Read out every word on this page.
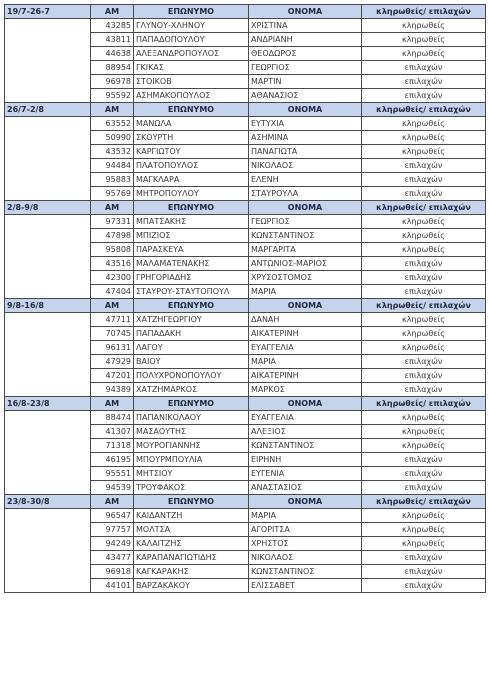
19/7-26-7	ΑΜ	ΕΠΩΝΥΜΟ	ΟΝΟΜΑ	κληρωθείς/ επιλαχών
	43285	ΓΛΥΝΟΥ-ΧΛΗΝΟΥ	ΧΡΙΣΤΙΝΑ	κληρωθείς
	43811	ΠΑΠΑΔΟΠΟΥΛΟΥ	ΑΝΔΡΙΑΝΗ	κληρωθείς
	44638	ΑΛΕΞΑΝΔΡΟΠΟΥΛΟΣ	ΘΕΟΔΩΡΟΣ	κληρωθείς
	88954	ΓΚΙΚΑΣ	ΓΕΩΡΓΙΟΣ	επιλαχών
	96978	ΣΤΟΙΚΟΒ	ΜΑΡΤΙΝ	επιλαχών
	95592	ΑΣΗΜΑΚΟΠΟΥΛΟΣ	ΑΘΑΝΑΣΙΟΣ	επιλαχών
26/7-2/8	ΑΜ	ΕΠΩΝΥΜΟ	ΟΝΟΜΑ	κληρωθείς/ επιλαχών
	63552	ΜΑΝΩΛΑ	ΕΥΤΥΧΙΑ	κληρωθείς
	50990	ΣΚΟΥΡΤΗ	ΑΣΗΜΙΝΑ	κληρωθείς
	43532	ΚΑΡΓΙΩΤΟΥ	ΠΑΝΑΓΙΩΤΑ	κληρωθείς
	94484	ΠΛΑΤΟΠΟΥΛΟΣ	ΝΙΚΟΛΑΟΣ	επιλαχών
	95883	ΜΑΓΚΛΑΡΑ	ΕΛΕΝΗ	επιλαχών
	95769	ΜΗΤΡΟΠΟΥΛΟΥ	ΣΤΑΥΡΟΥΛΑ	επιλαχών
2/8-9/8	ΑΜ	ΕΠΩΝΥΜΟ	ΟΝΟΜΑ	κληρωθείς/ επιλαχών
	97331	ΜΠΑΤΣΑΚΗΣ	ΓΕΩΡΓΙΟΣ	κληρωθείς
	47898	ΜΠΙΖΙΟΣ	ΚΩΝΣΤΑΝΤΙΝΟΣ	κληρωθείς
	95808	ΠΑΡΑΣΚΕΥΑ	ΜΑΡΓΑΡΙΤΑ	κληρωθείς
	43516	ΜΑΛΑΜΑΤΕΝΑΚΗΣ	ΑΝΤΩΝΙΟΣ-ΜΑΡΙΟΣ	επιλαχών
	42300	ΓΡΗΓΟΡΙΑΔΗΣ	ΧΡΥΣΟΣΤΟΜΟΣ	επιλαχών
	47404	ΣΤΑΥΡΟΥ-ΣΤΑΥΤΟΠΟΥΛ	ΜΑΡΙΑ	επιλαχών
9/8-16/8	ΑΜ	ΕΠΩΝΥΜΟ	ΟΝΟΜΑ	κληρωθείς/ επιλαχών
	47711	ΧΑΤΖΗΓΕΩΡΓΙΟΥ	ΔΑΝΑΗ	κληρωθείς
	70745	ΠΑΠΑΔΑΚΗ	ΑΙΚΑΤΕΡΙΝΗ	κληρωθείς
	96131	ΛΑΓΟΥ	ΕΥΑΓΓΕΛΙΑ	κληρωθείς
	47929	ΒΑΙΟΥ	ΜΑΡΙΑ	επιλαχών
	47201	ΠΟΛΥΧΡΟΝΟΠΟΥΛΟΥ	ΑΙΚΑΤΕΡΙΝΗ	επιλαχών
	94389	ΧΑΤΖΗΜΑΡΚΟΣ	ΜΑΡΚΟΣ	επιλαχών
16/8-23/8	ΑΜ	ΕΠΩΝΥΜΟ	ΟΝΟΜΑ	κληρωθείς/ επιλαχών
	88474	ΠΑΠΑΝΙΚΟΛΑΟΥ	ΕΥΑΓΓΕΛΙΑ	κληρωθείς
	41307	ΜΑΣΑΟΥΤΗΣ	ΑΛΕΞΙΟΣ	κληρωθείς
	71318	ΜΟΥΡΟΓΙΑΝΝΗΣ	ΚΩΝΣΤΑΝΤΙΝΟΣ	κληρωθείς
	46195	ΜΠΟΥΡΜΠΟΥΛΙΑ	ΕΙΡΗΝΗ	επιλαχών
	95551	ΜΗΤΣΙΟΥ	ΕΥΓΕΝΙΑ	επιλαχών
	94539	ΤΡΟΥΦΑΚΟΣ	ΑΝΑΣΤΑΣΙΟΣ	επιλαχών
23/8-30/8	ΑΜ	ΕΠΩΝΥΜΟ	ΟΝΟΜΑ	κληρωθείς/ επιλαχών
	96547	ΚΑΙΔΑΝΤΖΗ	ΜΑΡΙΑ	κληρωθείς
	97757	ΜΟΛΤΣΑ	ΑΓΟΡΙΤΣΑ	κληρωθείς
	94249	ΚΑΛΑΙΤΖΗΣ	ΧΡΗΣΤΟΣ	κληρωθείς
	43477	ΚΑΡΑΠΑΝΑΓΙΩΤΙΔΗΣ	ΝΙΚΟΛΑΟΣ	επιλαχών
	96918	ΚΑΓΚΑΡΑΚΗΣ	ΚΩΝΣΤΑΝΤΙΝΟΣ	επιλαχών
	44101	ΒΑΡΖΑΚΑΚΟΥ	ΕΛΙΣΣΑΒΕΤ	επιλαχών
